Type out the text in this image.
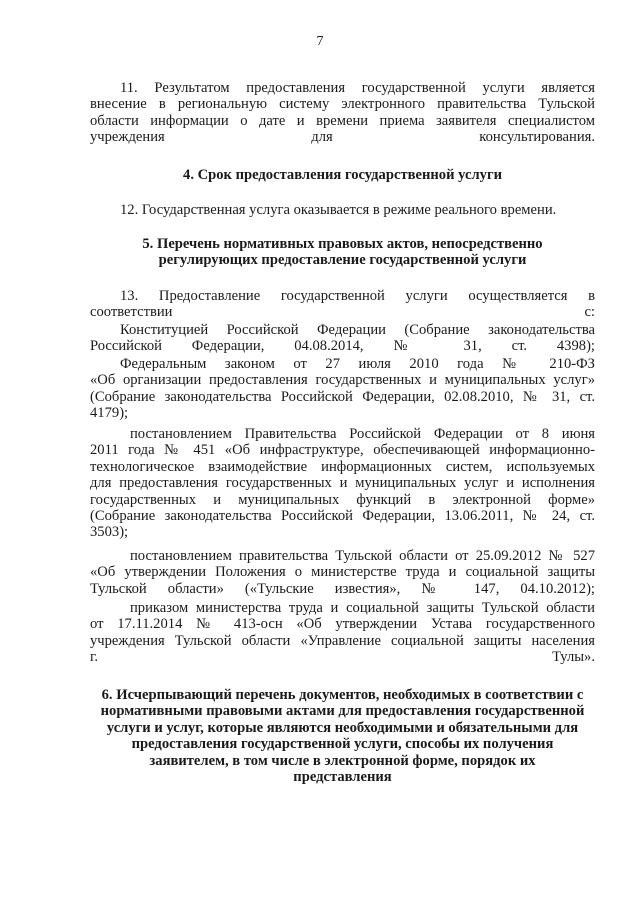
7
11. Результатом предоставления государственной услуги является
внесение в региональную систему электронного правительства Тульской
области информации о дате и времени приема заявителя специалистом
учреждения для консультирования.
4. Срок предоставления государственной услуги
12. Государственная услуга оказывается в режиме реального времени.
5. Перечень нормативных правовых актов, непосредственно
регулирующих предоставление государственной услуги
13. Предоставление государственной услуги осуществляется в
соответствии с:
Конституцией Российской Федерации (Собрание законодательства
Российской Федерации, 04.08.2014, № 31, ст. 4398);
Федеральным законом от 27 июля 2010 года № 210-ФЗ
«Об организации предоставления государственных и муниципальных услуг»
(Собрание законодательства Российской Федерации, 02.08.2010, № 31, ст.
4179);
постановлением Правительства Российской Федерации от 8 июня
2011 года № 451 «Об инфраструктуре, обеспечивающей информационно-
технологическое взаимодействие информационных систем, используемых
для предоставления государственных и муниципальных услуг и исполнения
государственных и муниципальных функций в электронной форме»
(Собрание законодательства Российской Федерации, 13.06.2011, № 24, ст.
3503);
постановлением правительства Тульской области от 25.09.2012 № 527
«Об утверждении Положения о министерстве труда и социальной защиты
Тульской области» («Тульские известия», № 147, 04.10.2012);
приказом министерства труда и социальной защиты Тульской области
от 17.11.2014 № 413-осн «Об утверждении Устава государственного
учреждения Тульской области «Управление социальной защиты населения
г. Тулы».
6. Исчерпывающий перечень документов, необходимых в соответствии с
нормативными правовыми актами для предоставления государственной
услуги и услуг, которые являются необходимыми и обязательными для
предоставления государственной услуги, способы их получения
заявителем, в том числе в электронной форме, порядок их
представления
